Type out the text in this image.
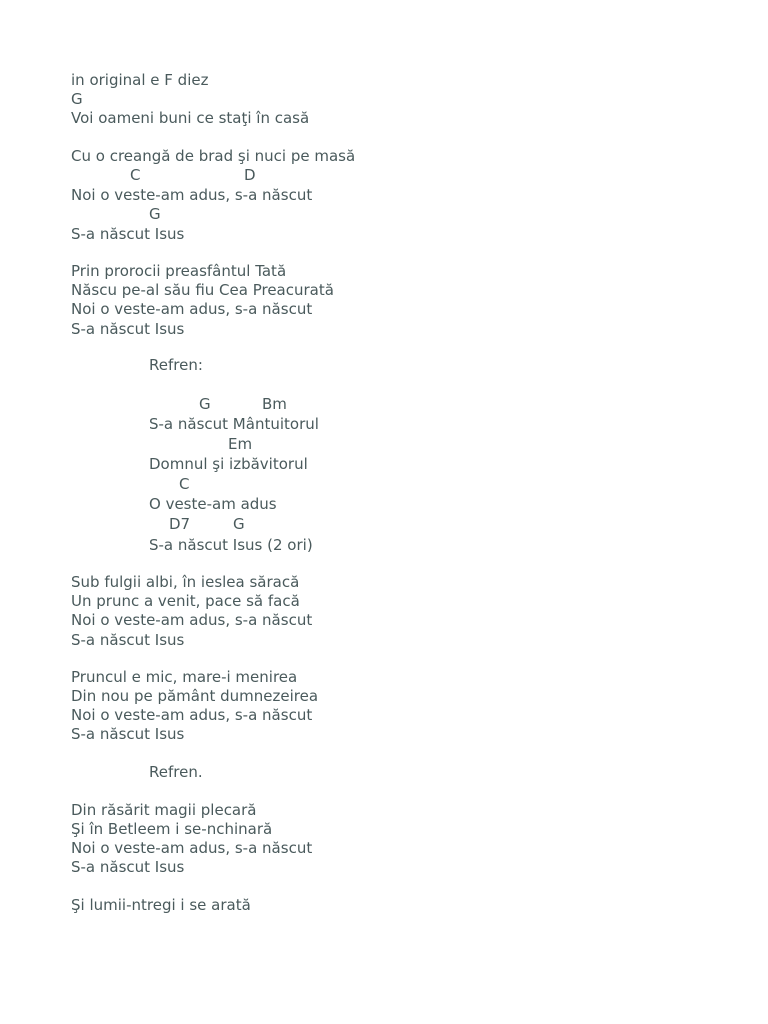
in original e F diez
G
Voi oameni buni ce staţi în casă
Cu o creangă de brad şi nuci pe masă
C	D
Noi o veste-am adus, s-a născut
G
S-a născut Isus
Prin prorocii preasfântul Tată
Născu pe-al său fiu Cea Preacurată
Noi o veste-am adus, s-a născut
S-a născut Isus
Refren:
G	Bm
S-a născut Mântuitorul
Em
Domnul şi izbăvitorul
C
O veste-am adus
D7	G
S-a născut Isus (2 ori)
Sub fulgii albi, în ieslea săracă
Un prunc a venit, pace să facă
Noi o veste-am adus, s-a născut
S-a născut Isus
Pruncul e mic, mare-i menirea
Din nou pe pământ dumnezeirea
Noi o veste-am adus, s-a născut
S-a născut Isus
Refren.
Din răsărit magii plecară
Şi în Betleem i se-nchinară
Noi o veste-am adus, s-a născut
S-a născut Isus
Şi lumii-ntregi i se arată
